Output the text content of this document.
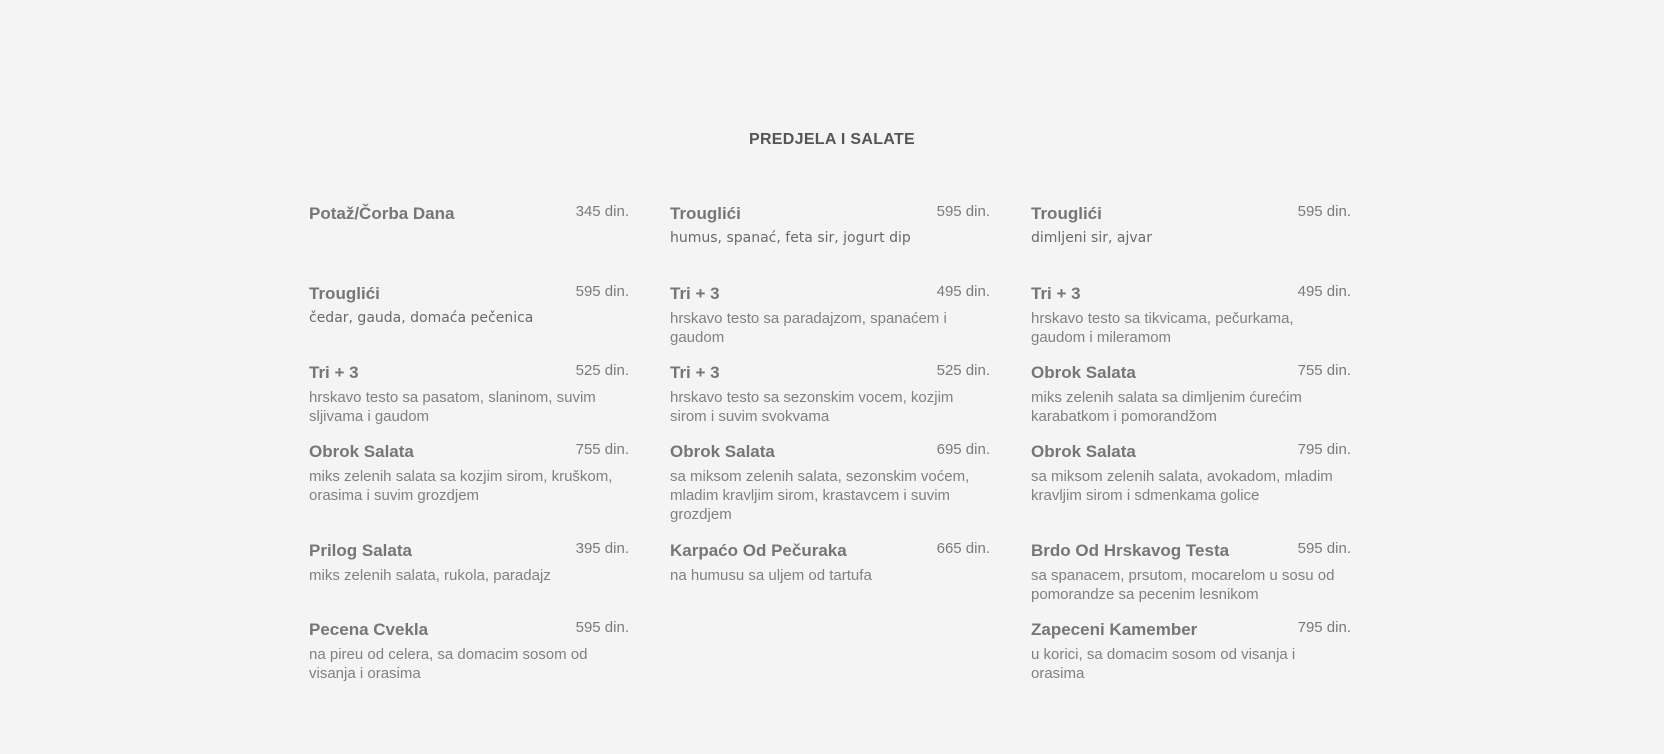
PREDJELA I SALATE
Potaž/Čorba Dana	345 din. Trouglići	595 din.
humus, spanać, feta sir, jogurt dip
Trouglići	595 din.
dimljeni sir, ajvar
Trouglići	595 din.
čedar, gauda, domaća pečenica
Tri + 3	495 din.
hrskavo testo sa paradajzom, spanaćem i gaudom
Tri + 3	495 din.
hrskavo testo sa tikvicama, pečurkama, gaudom i mileramom
Tri + 3	525 din.
hrskavo testo sa pasatom, slaninom, suvim sljivama i gaudom
Tri + 3	525 din.
hrskavo testo sa sezonskim vocem, kozjim sirom i suvim svokvama
Obrok Salata	755 din.
miks zelenih salata sa dimljenim ćurećim karabatkom i pomorandžom
Obrok Salata	755 din.
miks zelenih salata sa kozjim sirom, kruškom, orasima i suvim grozdjem
Obrok Salata	695 din.
sa miksom zelenih salata, sezonskim voćem, mladim kravljim sirom, krastavcem i suvim grozdjem
Obrok Salata	795 din.
sa miksom zelenih salata, avokadom, mladim kravljim sirom i sdmenkama golice
Prilog Salata	395 din.
miks zelenih salata, rukola, paradajz
Karpaćo Od Pečuraka	665 din.
na humusu sa uljem od tartufa
Brdo Od Hrskavog Testa	595 din.
sa spanacem, prsutom, mocarelom u sosu od pomorandze sa pecenim lesnikom
Pecena Cvekla	595 din.
na pireu od celera, sa domacim sosom od visanja i orasima
Zapeceni Kamember	795 din.
u korici, sa domacim sosom od visanja i orasima
